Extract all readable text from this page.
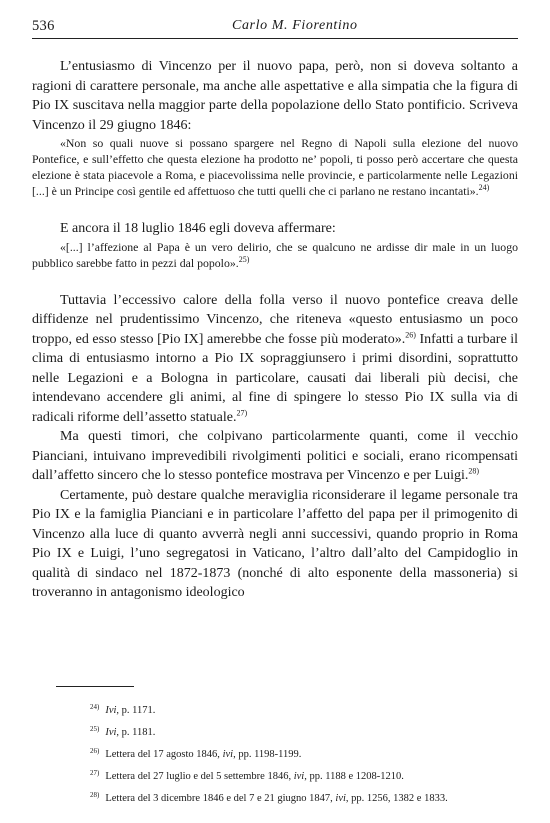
536	Carlo M. Fiorentino

L’entusiasmo di Vincenzo per il nuovo papa, però, non si doveva soltanto a ragioni di carattere personale, ma anche alle aspettative e alla simpatia che la figura di Pio IX suscitava nella maggior parte della popolazione dello Stato pontificio. Scriveva Vincenzo il 29 giugno 1846:

«Non so quali nuove si possano spargere nel Regno di Napoli sulla elezione del nuovo Pontefice, e sull’effetto che questa elezione ha prodotto ne’ popoli, ti posso però accertare che questa elezione è stata piacevole a Roma, e piacevolissima nelle provincie, e particolarmente nelle Legazioni [...] è un Principe così gentile ed affettuoso che tutti quelli che ci parlano ne restano incantati».$^{24)}$

E ancora il 18 luglio 1846 egli doveva affermare:

«[...] l’affezione al Papa è un vero delirio, che se qualcuno ne ardisse dir male in un luogo pubblico sarebbe fatto in pezzi dal popolo».$^{25)}$

Tuttavia l’eccessivo calore della folla verso il nuovo pontefice creava delle diffidenze nel prudentissimo Vincenzo, che riteneva «questo entusiasmo un poco troppo, ed esso stesso [Pio IX] amerebbe che fosse più moderato».$^{26)}$ Infatti a turbare il clima di entusiasmo intorno a Pio IX sopraggiunsero i primi disordini, soprattutto nelle Legazioni e a Bologna in particolare, causati dai liberali più decisi, che intendevano accendere gli animi, al fine di spingere lo stesso Pio IX sulla via di radicali riforme dell’assetto statuale.$^{27)}$

Ma questi timori, che colpivano particolarmente quanti, come il vecchio Pianciani, intuivano imprevedibili rivolgimenti politici e sociali, erano ricompensati dall’affetto sincero che lo stesso pontefice mostrava per Vincenzo e per Luigi.$^{28)}$

Certamente, può destare qualche meraviglia riconsiderare il legame personale tra Pio IX e la famiglia Pianciani e in particolare l’affetto del papa per il primogenito di Vincenzo alla luce di quanto avverrà negli anni successivi, quando proprio in Roma Pio IX e Luigi, l’uno segregatosi in Vaticano, l’altro dall’alto del Campidoglio in qualità di sindaco nel 1872-1873 (nonché di alto esponente della massoneria) si troveranno in antagonismo ideologico

$^{24)}$ Ivi, p. 1171.
$^{25)}$ Ivi, p. 1181.
$^{26)}$ Lettera del 17 agosto 1846, ivi, pp. 1198-1199.
$^{27)}$ Lettera del 27 luglio e del 5 settembre 1846, ivi, pp. 1188 e 1208-1210.
$^{28)}$ Lettera del 3 dicembre 1846 e del 7 e 21 giugno 1847, ivi, pp. 1256, 1382 e 1833.
